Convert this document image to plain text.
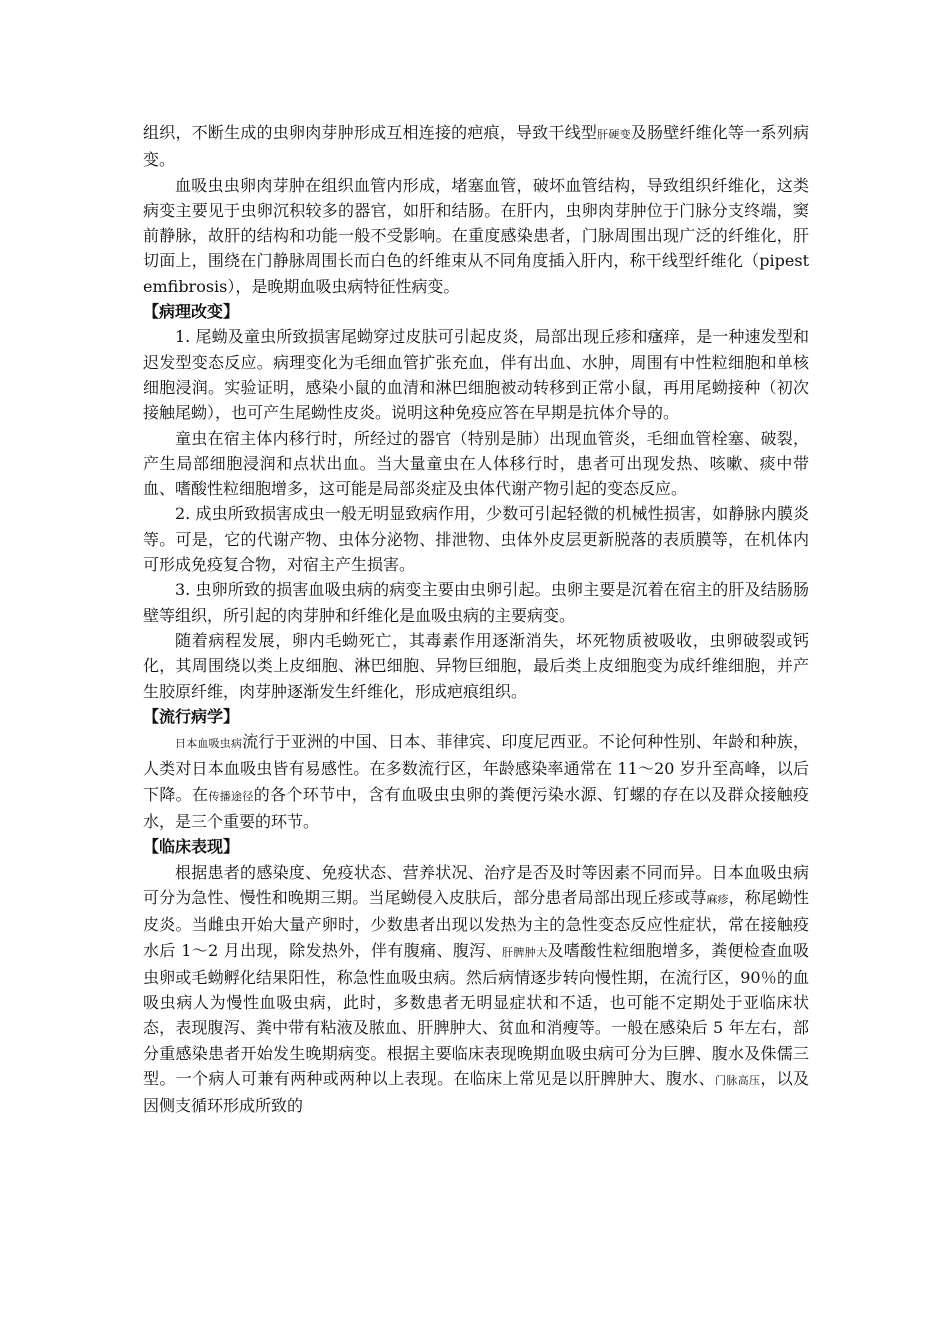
组织，不断生成的虫卵肉芽肿形成互相连接的疤痕，导致干线型肝硬变及肠壁纤维化等一系列病变。

血吸虫虫卵肉芽肿在组织血管内形成，堵塞血管，破坏血管结构，导致组织纤维化，这类病变主要见于虫卵沉积较多的器官，如肝和结肠。在肝内，虫卵肉芽肿位于门脉分支终端，窦前静脉，故肝的结构和功能一般不受影响。在重度感染患者，门脉周围出现广泛的纤维化，肝切面上，围绕在门静脉周围长而白色的纤维束从不同角度插入肝内，称干线型纤维化（pipestemfibrosis），是晚期血吸虫病特征性病变。

【病理改变】

1. 尾蚴及童虫所致损害尾蚴穿过皮肤可引起皮炎，局部出现丘疹和瘙痒，是一种速发型和迟发型变态反应。病理变化为毛细血管扩张充血，伴有出血、水肿，周围有中性粒细胞和单核细胞浸润。实验证明，感染小鼠的血清和淋巴细胞被动转移到正常小鼠，再用尾蚴接种（初次接触尾蚴），也可产生尾蚴性皮炎。说明这种免疫应答在早期是抗体介导的。

童虫在宿主体内移行时，所经过的器官（特别是肺）出现血管炎，毛细血管栓塞、破裂，产生局部细胞浸润和点状出血。当大量童虫在人体移行时，患者可出现发热、咳嗽、痰中带血、嗜酸性粒细胞增多，这可能是局部炎症及虫体代谢产物引起的变态反应。

2. 成虫所致损害成虫一般无明显致病作用，少数可引起轻微的机械性损害，如静脉内膜炎等。可是，它的代谢产物、虫体分泌物、排泄物、虫体外皮层更新脱落的表质膜等，在机体内可形成免疫复合物，对宿主产生损害。

3. 虫卵所致的损害血吸虫病的病变主要由虫卵引起。虫卵主要是沉着在宿主的肝及结肠肠壁等组织，所引起的肉芽肿和纤维化是血吸虫病的主要病变。

随着病程发展，卵内毛蚴死亡，其毒素作用逐渐消失，坏死物质被吸收，虫卵破裂或钙化，其周围绕以类上皮细胞、淋巴细胞、异物巨细胞，最后类上皮细胞变为成纤维细胞，并产生胶原纤维，肉芽肿逐渐发生纤维化，形成疤痕组织。

【流行病学】

日本血吸虫病流行于亚洲的中国、日本、菲律宾、印度尼西亚。不论何种性别、年龄和种族，人类对日本血吸虫皆有易感性。在多数流行区，年龄感染率通常在 11～20 岁升至高峰，以后下降。在传播途径的各个环节中，含有血吸虫虫卵的粪便污染水源、钉螺的存在以及群众接触疫水，是三个重要的环节。

【临床表现】

根据患者的感染度、免疫状态、营养状况、治疗是否及时等因素不同而异。日本血吸虫病可分为急性、慢性和晚期三期。当尾蚴侵入皮肤后，部分患者局部出现丘疹或荨麻疹，称尾蚴性皮炎。当雌虫开始大量产卵时，少数患者出现以发热为主的急性变态反应性症状，常在接触疫水后 1～2 月出现，除发热外，伴有腹痛、腹泻、肝脾肿大及嗜酸性粒细胞增多，粪便检查血吸虫卵或毛蚴孵化结果阳性，称急性血吸虫病。然后病情逐步转向慢性期，在流行区，90％的血吸虫病人为慢性血吸虫病，此时，多数患者无明显症状和不适，也可能不定期处于亚临床状态，表现腹泻、粪中带有粘液及脓血、肝脾肿大、贫血和消瘦等。一般在感染后 5 年左右，部分重感染患者开始发生晚期病变。根据主要临床表现晚期血吸虫病可分为巨脾、腹水及侏儒三型。一个病人可兼有两种或两种以上表现。在临床上常见是以肝脾肿大、腹水、门脉高压，以及因侧支循环形成所致的
